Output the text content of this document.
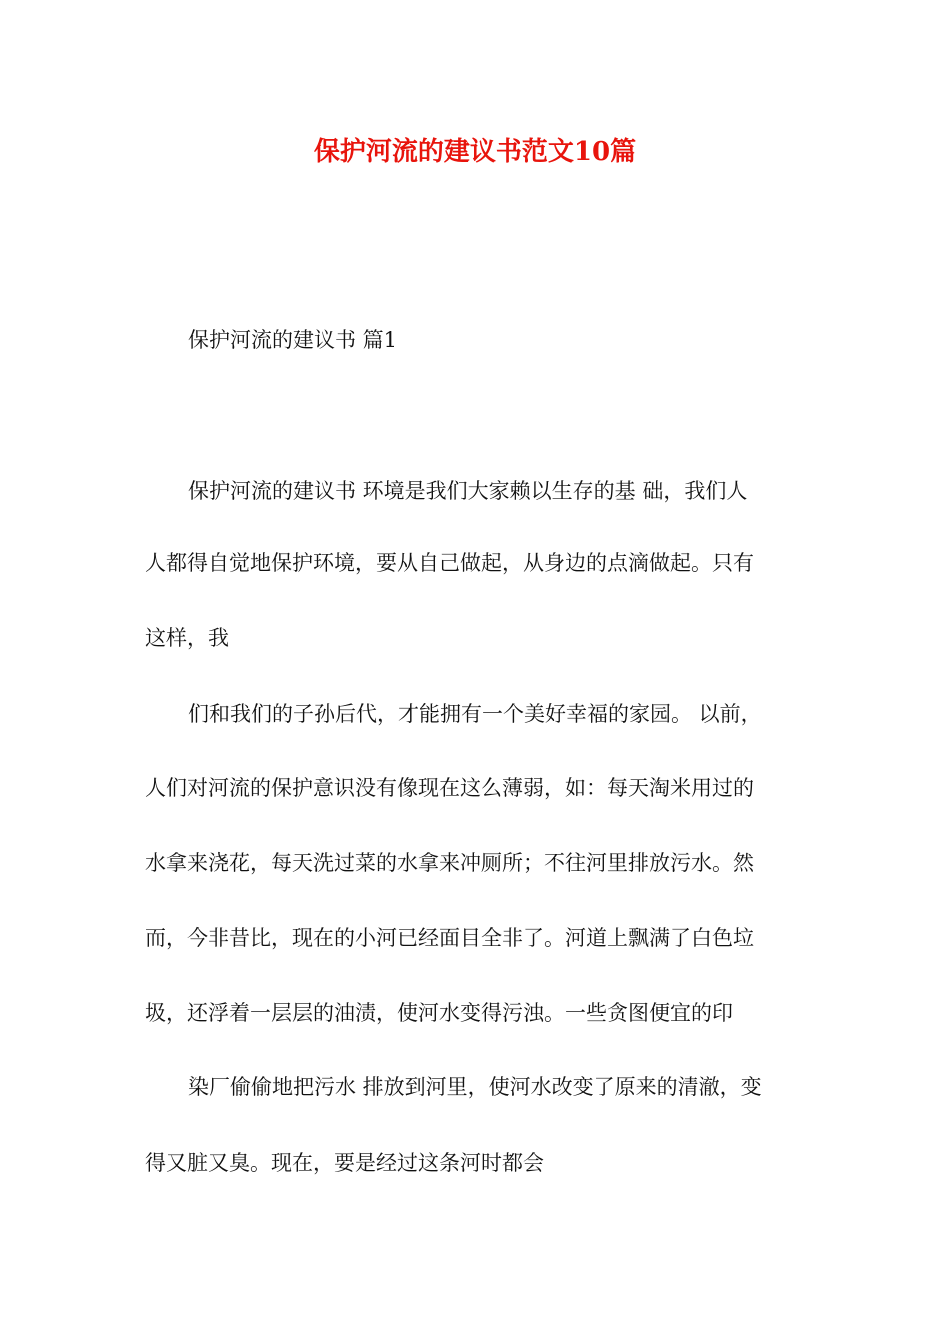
保护河流的建议书范文10篇
保护河流的建议书 篇1
保护河流的建议书 环境是我们大家赖以生存的基 础，我们人
人都得自觉地保护环境，要从自己做起，从身边的点滴做起。只有
这样，我
们和我们的子孙后代，才能拥有一个美好幸福的家园。 以前，
人们对河流的保护意识没有像现在这么薄弱，如：每天淘米用过的
水拿来浇花，每天洗过菜的水拿来冲厕所；不往河里排放污水。然
而，今非昔比，现在的小河已经面目全非了。河道上飘满了白色垃
圾，还浮着一层层的油渍，使河水变得污浊。一些贪图便宜的印
染厂偷偷地把污水 排放到河里，使河水改变了原来的清澈，变
得又脏又臭。现在，要是经过这条河时都会
